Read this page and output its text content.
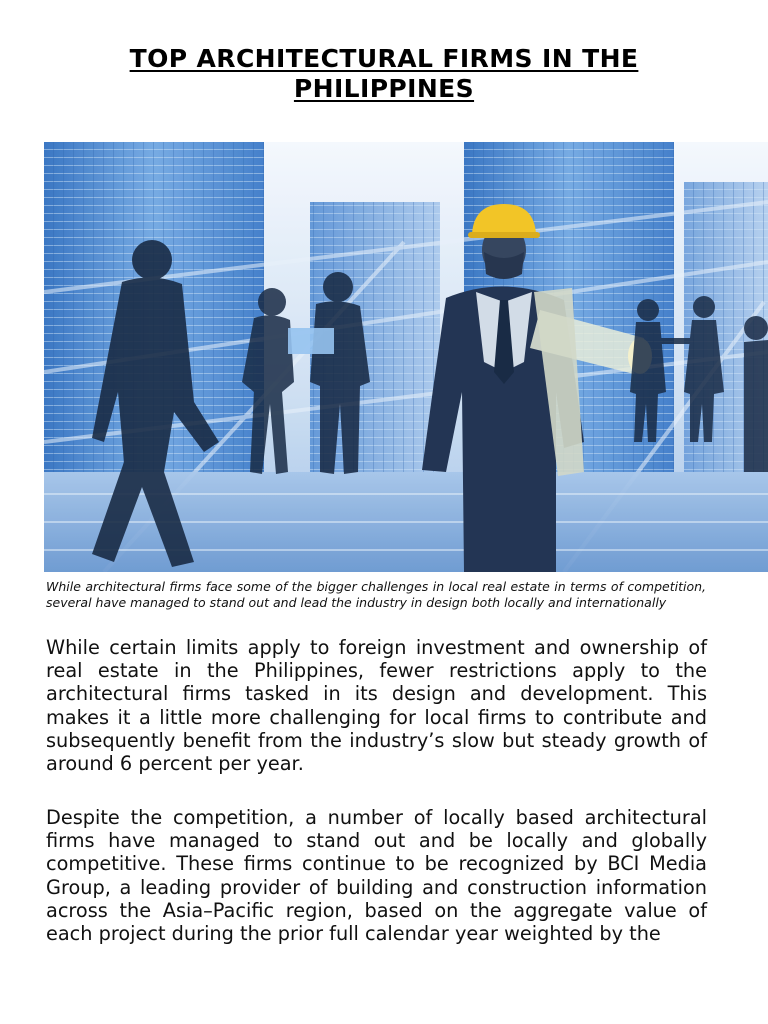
TOP ARCHITECTURAL FIRMS IN THE PHILIPPINES

While architectural firms face some of the bigger challenges in local real estate in terms of competition, several have managed to stand out and lead the industry in design both locally and internationally

While certain limits apply to foreign investment and ownership of real estate in the Philippines, fewer restrictions apply to the architectural firms tasked in its design and development. This makes it a little more challenging for local firms to contribute and subsequently benefit from the industry’s slow but steady growth of around 6 percent per year.

Despite the competition, a number of locally based architectural firms have managed to stand out and be locally and globally competitive. These firms continue to be recognized by BCI Media Group, a leading provider of building and construction information across the Asia–Pacific region, based on the aggregate value of each project during the prior full calendar year weighted by the
